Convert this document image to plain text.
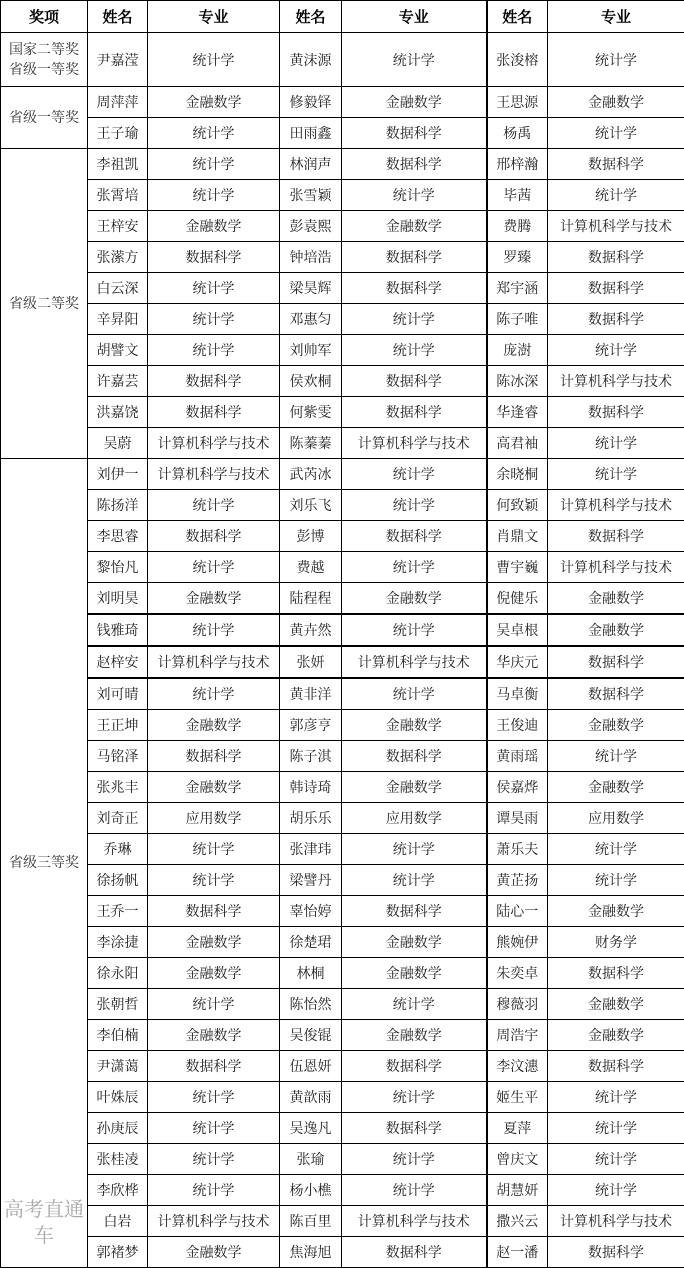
奖项	姓名	专业	姓名	专业	姓名	专业

国家二等奖
省级一等奖	尹嘉滢	统计学	黄沫源	统计学	张浚榕	统计学

省级一等奖	周萍萍	金融数学	修毅铎	金融数学	王思源	金融数学
	王子瑜	统计学	田雨鑫	数据科学	杨禹	统计学

省级二等奖	李祖凯	统计学	林润声	数据科学	邢梓瀚	数据科学
	张霄培	统计学	张雪颖	统计学	毕茜	统计学
	王梓安	金融数学	彭袁熙	金融数学	费腾	计算机科学与技术
	张潆方	数据科学	钟培浩	数据科学	罗臻	数据科学
	白云深	统计学	梁昊辉	数据科学	郑宇涵	数据科学
	辛昇阳	统计学	邓惠匀	统计学	陈子唯	数据科学
	胡譬文	统计学	刘帅军	统计学	庞澍	统计学
	许嘉芸	数据科学	侯欢桐	数据科学	陈冰深	计算机科学与技术
	洪嘉饶	数据科学	何紫雯	数据科学	华逢睿	数据科学
	吴蔚	计算机科学与技术	陈蓁蓁	计算机科学与技术	高君袖	统计学

省级三等奖	刘伊一	计算机科学与技术	武芮冰	统计学	余晓桐	统计学
	陈扬洋	统计学	刘乐飞	统计学	何致颖	计算机科学与技术
	李思睿	数据科学	彭博	数据科学	肖鼎文	数据科学
	黎怡凡	统计学	费越	统计学	曹宇巍	计算机科学与技术
	刘明昊	金融数学	陆程程	金融数学	倪健乐	金融数学
	钱雅琦	统计学	黄卉然	统计学	吴卓根	金融数学
	赵梓安	计算机科学与技术	张妍	计算机科学与技术	华庆元	数据科学
	刘可晴	统计学	黄非洋	统计学	马卓衡	数据科学
	王正坤	金融数学	郭彦亨	金融数学	王俊迪	金融数学
	马铭泽	数据科学	陈子淇	数据科学	黄雨瑶	统计学
	张兆丰	金融数学	韩诗琦	金融数学	侯嘉烨	金融数学
	刘奇正	应用数学	胡乐乐	应用数学	谭昊雨	应用数学
	乔琳	统计学	张津玮	统计学	萧乐夫	统计学
	徐扬帆	统计学	梁譬丹	统计学	黄芷扬	统计学
	王乔一	数据科学	辜怡婷	数据科学	陆心一	金融数学
	李涂捷	金融数学	徐楚珺	金融数学	熊婉伊	财务学
	徐永阳	金融数学	林桐	金融数学	朱奕卓	数据科学
	张朝哲	统计学	陈怡然	统计学	穆薇羽	金融数学
	李伯楠	金融数学	吴俊锟	金融数学	周浩宇	金融数学
	尹潇蔼	数据科学	伍恩妍	数据科学	李汶潓	数据科学
	叶姝辰	统计学	黄歆雨	统计学	姬生平	统计学
	孙庚辰	统计学	吴逸凡	数据科学	夏萍	统计学
	张桂凌	统计学	张瑜	统计学	曾庆文	统计学
	李欣桦	统计学	杨小樵	统计学	胡慧妍	统计学
	白岩	计算机科学与技术	陈百里	计算机科学与技术	撒兴云	计算机科学与技术
	郭褚梦	金融数学	焦海旭	数据科学	赵一潘	数据科学
高考直通车
